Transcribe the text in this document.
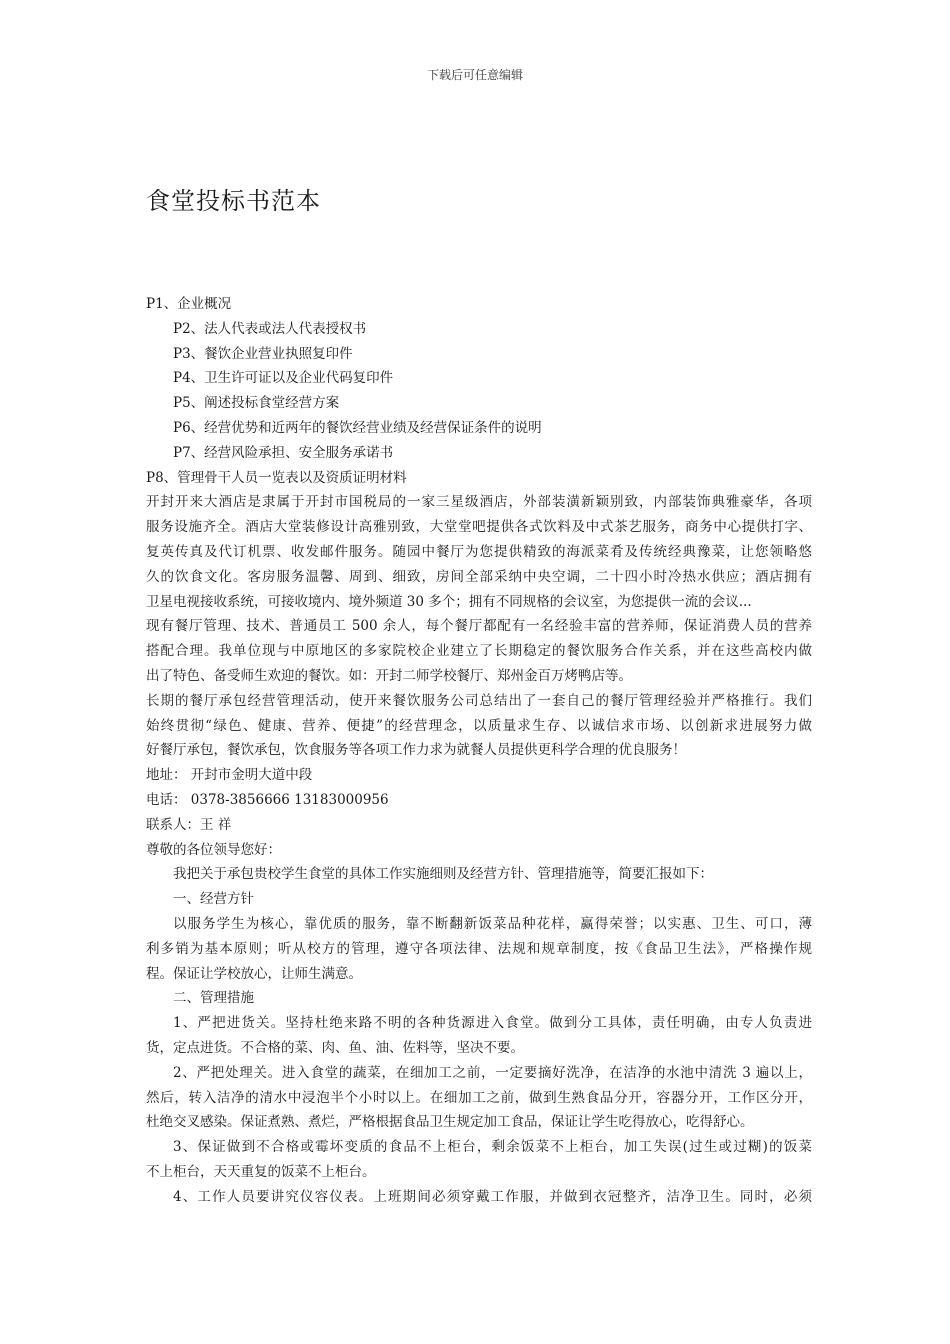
下载后可任意编辑
食堂投标书范本

P1、企业概况

P2、法人代表或法人代表授权书

P3、餐饮企业营业执照复印件

P4、卫生许可证以及企业代码复印件

P5、阐述投标食堂经营方案

P6、经营优势和近两年的餐饮经营业绩及经营保证条件的说明

P7、经营风险承担、安全服务承诺书

P8、管理骨干人员一览表以及资质证明材料

开封开来大酒店是隶属于开封市国税局的一家三星级酒店，外部装潢新颖别致，内部装饰典雅豪华，各项

服务设施齐全。酒店大堂装修设计高雅别致，大堂堂吧提供各式饮料及中式茶艺服务，商务中心提供打字、

复英传真及代订机票、收发邮件服务。随园中餐厅为您提供精致的海派菜肴及传统经典豫菜，让您领略悠

久的饮食文化。客房服务温馨、周到、细致，房间全部采纳中央空调，二十四小时冷热水供应；酒店拥有

卫星电视接收系统，可接收境内、境外频道 30 多个；拥有不同规格的会议室，为您提供一流的会议...

现有餐厅管理、技术、普通员工 500 余人，每个餐厅都配有一名经验丰富的营养师，保证消费人员的营养

搭配合理。我单位现与中原地区的多家院校企业建立了长期稳定的餐饮服务合作关系，并在这些高校内做

出了特色、备受师生欢迎的餐饮。如：开封二师学校餐厅、郑州金百万烤鸭店等。

长期的餐厅承包经营管理活动，使开来餐饮服务公司总结出了一套自己的餐厅管理经验并严格推行。我们

始终贯彻“绿色、健康、营养、便捷”的经营理念，以质量求生存、以诚信求市场、以创新求进展努力做

好餐厅承包，餐饮承包，饮食服务等各项工作力求为就餐人员提供更科学合理的优良服务！

地址： 开封市金明大道中段

电话： 0378-3856666 13183000956

联系人：王 祥

尊敬的各位领导您好：

我把关于承包贵校学生食堂的具体工作实施细则及经营方针、管理措施等，简要汇报如下：

一、经营方针

以服务学生为核心，靠优质的服务，靠不断翻新饭菜品种花样，赢得荣誉；以实惠、卫生、可口，薄

利多销为基本原则；听从校方的管理，遵守各项法律、法规和规章制度，按《食品卫生法》，严格操作规

程。保证让学校放心，让师生满意。

二、管理措施

1、严把进货关。坚持杜绝来路不明的各种货源进入食堂。做到分工具体，责任明确，由专人负责进

货，定点进货。不合格的菜、肉、鱼、油、佐料等，坚决不要。

2、严把处理关。进入食堂的蔬菜，在细加工之前，一定要摘好洗净，在洁净的水池中清洗 3 遍以上，

然后，转入洁净的清水中浸泡半个小时以上。在细加工之前，做到生熟食品分开，容器分开，工作区分开，

杜绝交叉感染。保证煮熟、煮烂，严格根据食品卫生规定加工食品，保证让学生吃得放心，吃得舒心。

3、保证做到不合格或霉坏变质的食品不上柜台，剩余饭菜不上柜台，加工失误(过生或过糊)的饭菜

不上柜台，天天重复的饭菜不上柜台。

4、工作人员要讲究仪容仪表。上班期间必须穿戴工作服，并做到衣冠整齐，洁净卫生。同时，必须
